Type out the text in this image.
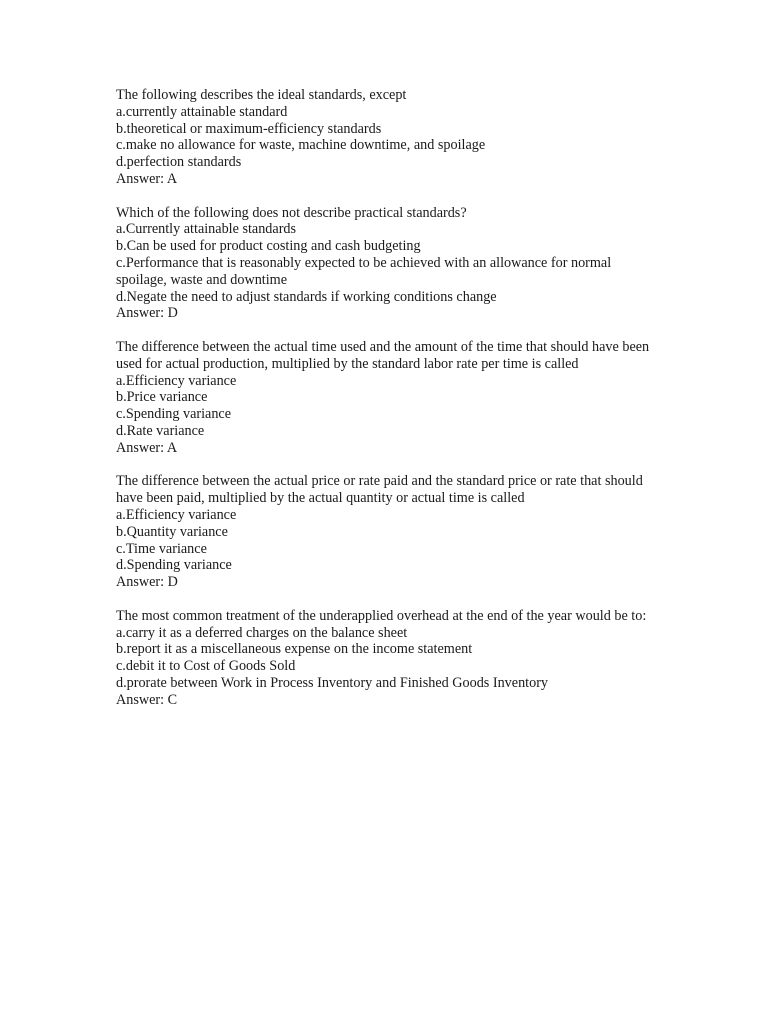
The following describes the ideal standards, except
a.currently attainable standard
b.theoretical or maximum-efficiency standards
c.make no allowance for waste, machine downtime, and spoilage
d.perfection standards
Answer: A
Which of the following does not describe practical standards?
a.Currently attainable standards
b.Can be used for product costing and cash budgeting
c.Performance that is reasonably expected to be achieved with an allowance for normal spoilage, waste and downtime
d.Negate the need to adjust standards if working conditions change
Answer: D
The difference between the actual time used and the amount of the time that should have been used for actual production, multiplied by the standard labor rate per time is called
a.Efficiency variance
b.Price variance
c.Spending variance
d.Rate variance
Answer: A
The difference between the actual price or rate paid and the standard price or rate that should have been paid, multiplied by the actual quantity or actual time is called
a.Efficiency variance
b.Quantity variance
c.Time variance
d.Spending variance
Answer: D
The most common treatment of the underapplied overhead at the end of the year would be to:
a.carry it as a deferred charges on the balance sheet
b.report it as a miscellaneous expense on the income statement
c.debit it to Cost of Goods Sold
d.prorate between Work in Process Inventory and Finished Goods Inventory
Answer: C
